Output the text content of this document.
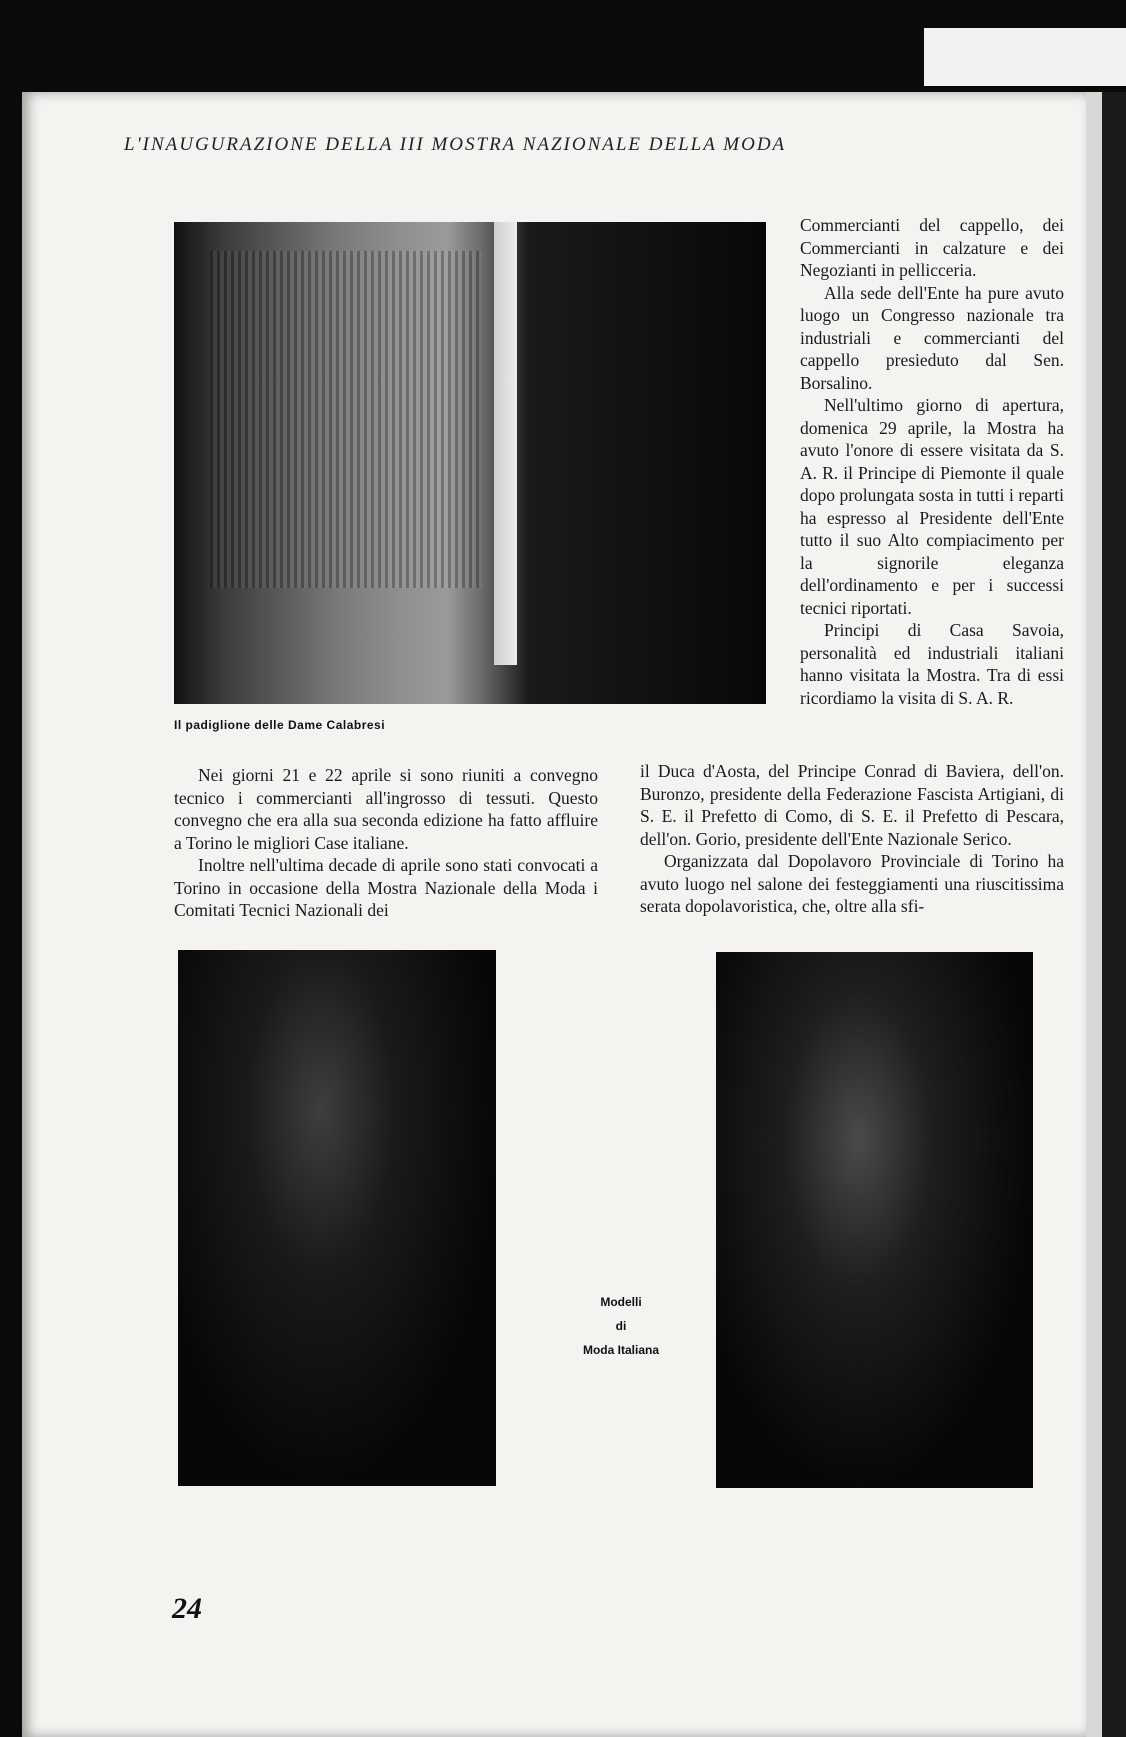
L'INAUGURAZIONE DELLA III MOSTRA NAZIONALE DELLA MODA
Il padiglione delle Dame Calabresi

Commercianti del cappello, dei Commercianti in calzature e dei Negozianti in pellicceria.

Alla sede dell'Ente ha pure avuto luogo un Congresso nazionale tra industriali e commercianti del cappello presieduto dal Sen. Borsalino.

Nell'ultimo giorno di apertura, domenica 29 aprile, la Mostra ha avuto l'onore di essere visitata da S. A. R. il Principe di Piemonte il quale dopo prolungata sosta in tutti i reparti ha espresso al Presidente dell'Ente tutto il suo Alto compiacimento per la signorile eleganza dell'ordinamento e per i successi tecnici riportati.

Principi di Casa Savoia, personalità ed industriali italiani hanno visitata la Mostra. Tra di essi ricordiamo la visita di S. A. R.

Nei giorni 21 e 22 aprile si sono riuniti a convegno tecnico i commercianti all'ingrosso di tessuti. Questo convegno che era alla sua seconda edizione ha fatto affluire a Torino le migliori Case italiane.

Inoltre nell'ultima decade di aprile sono stati convocati a Torino in occasione della Mostra Nazionale della Moda i Comitati Tecnici Nazionali dei

il Duca d'Aosta, del Principe Conrad di Baviera, dell'on. Buronzo, presidente della Federazione Fascista Artigiani, di S. E. il Prefetto di Como, di S. E. il Prefetto di Pescara, dell'on. Gorio, presidente dell'Ente Nazionale Serico.

Organizzata dal Dopolavoro Provinciale di Torino ha avuto luogo nel salone dei festeggiamenti una riuscitissima serata dopolavoristica, che, oltre alla sfi-

Modelli
di
Moda Italiana
24
